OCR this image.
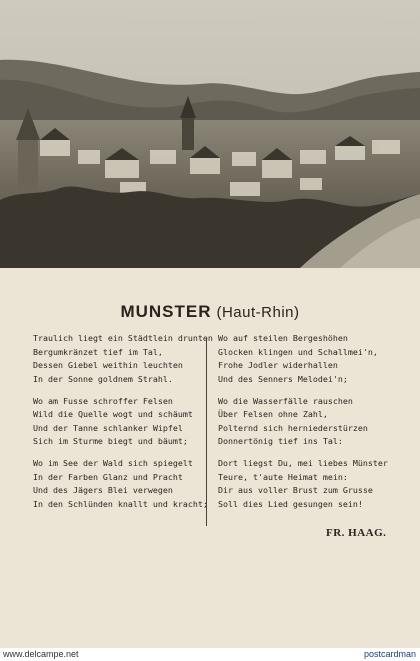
MUNSTER (Haut-Rhin)
Traulich liegt ein Städtlein drunten
Bergumkränzet tief im Tal,
Dessen Giebel weithin leuchten
In der Sonne goldnem Strahl.
Wo am Fusse schroffer Felsen
Wild die Quelle wogt und schäumt
Und der Tanne schlanker Wipfel
Sich im Sturme biegt und bäumt;
Wo im See der Wald sich spiegelt
In der Farben Glanz und Pracht
Und des Jägers Blei verwegen
In den Schlünden knallt und kracht;
Wo auf steilen Bergeshöhen
Glocken klingen und Schallmei'n,
Frohe Jodler widerhallen
Und des Senners Melodei'n;
Wo die Wasserfälle rauschen
Über Felsen ohne Zahl,
Polternd sich herniederstürzen
Donnertönig tief ins Tal:
Dort liegst Du, mei liebes Münster
Teure, t'aute Heimat mein:
Dir aus voller Brust zum Grusse
Soll dies Lied gesungen sein!
FR. HAAG.
www.delcampe.net	postcardman
